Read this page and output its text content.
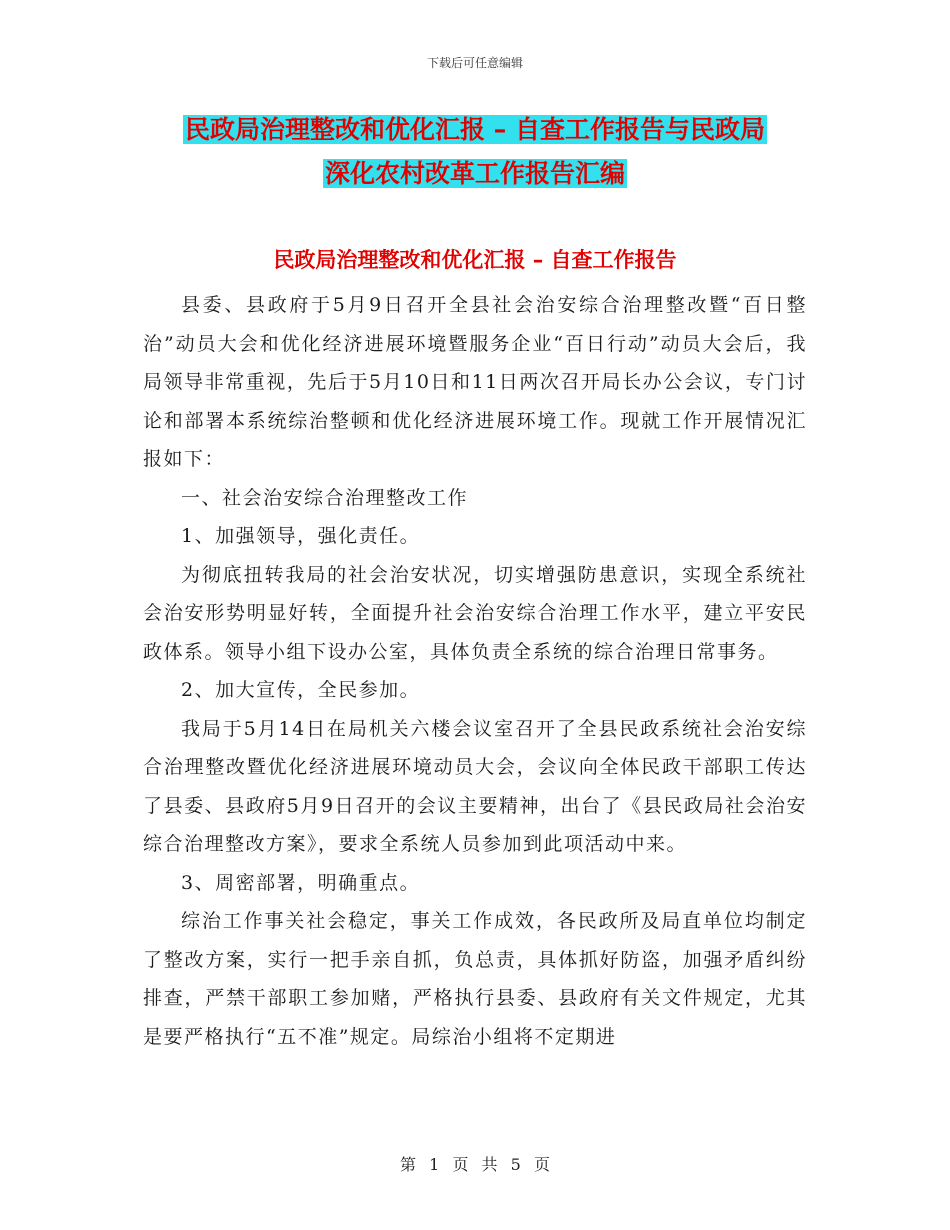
下载后可任意编辑
民政局治理整改和优化汇报 – 自查工作报告与民政局
深化农村改革工作报告汇编
民政局治理整改和优化汇报 – 自查工作报告

县委、县政府于5月9日召开全县社会治安综合治理整改暨“百日整治”动员大会和优化经济进展环境暨服务企业“百日行动”动员大会后，我局领导非常重视，先后于5月10日和11日两次召开局长办公会议，专门讨论和部署本系统综治整顿和优化经济进展环境工作。现就工作开展情况汇报如下：

一、社会治安综合治理整改工作

1、加强领导，强化责任。

为彻底扭转我局的社会治安状况，切实增强防患意识，实现全系统社会治安形势明显好转，全面提升社会治安综合治理工作水平，建立平安民政体系。领导小组下设办公室，具体负责全系统的综合治理日常事务。

2、加大宣传，全民参加。

我局于5月14日在局机关六楼会议室召开了全县民政系统社会治安综合治理整改暨优化经济进展环境动员大会，会议向全体民政干部职工传达了县委、县政府5月9日召开的会议主要精神，出台了《县民政局社会治安综合治理整改方案》，要求全系统人员参加到此项活动中来。

3、周密部署，明确重点。

综治工作事关社会稳定，事关工作成效，各民政所及局直单位均制定了整改方案，实行一把手亲自抓，负总责，具体抓好防盗，加强矛盾纠纷排查，严禁干部职工参加赌，严格执行县委、县政府有关文件规定，尤其是要严格执行“五不准”规定。局综治小组将不定期进

第 1 页 共 5 页
